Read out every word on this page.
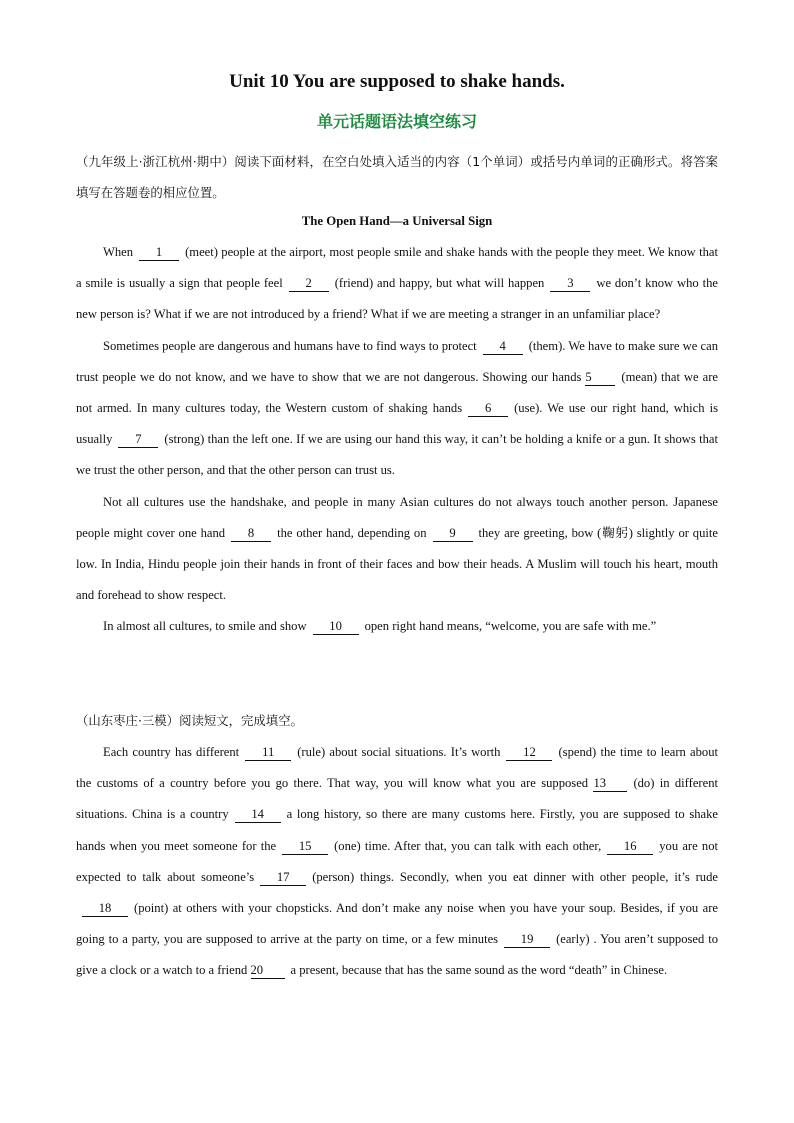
Unit 10 You are supposed to shake hands.
单元话题语法填空练习
（九年级上·浙江杭州·期中）阅读下面材料，在空白处填入适当的内容（1个单词）或括号内单词的正确形式。将答案填写在答题卷的相应位置。
The Open Hand—a Universal Sign

When 1 (meet) people at the airport, most people smile and shake hands with the people they meet. We know that a smile is usually a sign that people feel 2 (friend) and happy, but what will happen 3 we don’t know who the new person is? What if we are not introduced by a friend? What if we are meeting a stranger in an unfamiliar place?

Sometimes people are dangerous and humans have to find ways to protect 4 (them). We have to make sure we can trust people we do not know, and we have to show that we are not dangerous. Showing our hands 5 (mean) that we are not armed. In many cultures today, the Western custom of shaking hands 6 (use). We use our right hand, which is usually 7 (strong) than the left one. If we are using our hand this way, it can’t be holding a knife or a gun. It shows that we trust the other person, and that the other person can trust us.

Not all cultures use the handshake, and people in many Asian cultures do not always touch another person. Japanese people might cover one hand 8 the other hand, depending on 9 they are greeting, bow (鞠躬) slightly or quite low. In India, Hindu people join their hands in front of their faces and bow their heads. A Muslim will touch his heart, mouth and forehead to show respect.

In almost all cultures, to smile and show 10 open right hand means, “welcome, you are safe with me.”

（山东枣庄·三模）阅读短文，完成填空。

Each country has different 11 (rule) about social situations. It’s worth 12 (spend) the time to learn about the customs of a country before you go there. That way, you will know what you are supposed 13 (do) in different situations. China is a country 14 a long history, so there are many customs here. Firstly, you are supposed to shake hands when you meet someone for the 15 (one) time. After that, you can talk with each other, 16 you are not expected to talk about someone’s 17 (person) things. Secondly, when you eat dinner with other people, it’s rude18 (point) at others with your chopsticks. And don’t make any noise when you have your soup. Besides, if you are going to a party, you are supposed to arrive at the party on time, or a few minutes 19 (early) . You aren’t supposed to give a clock or a watch to a friend 20 a present, because that has the same sound as the word “death” in Chinese.
